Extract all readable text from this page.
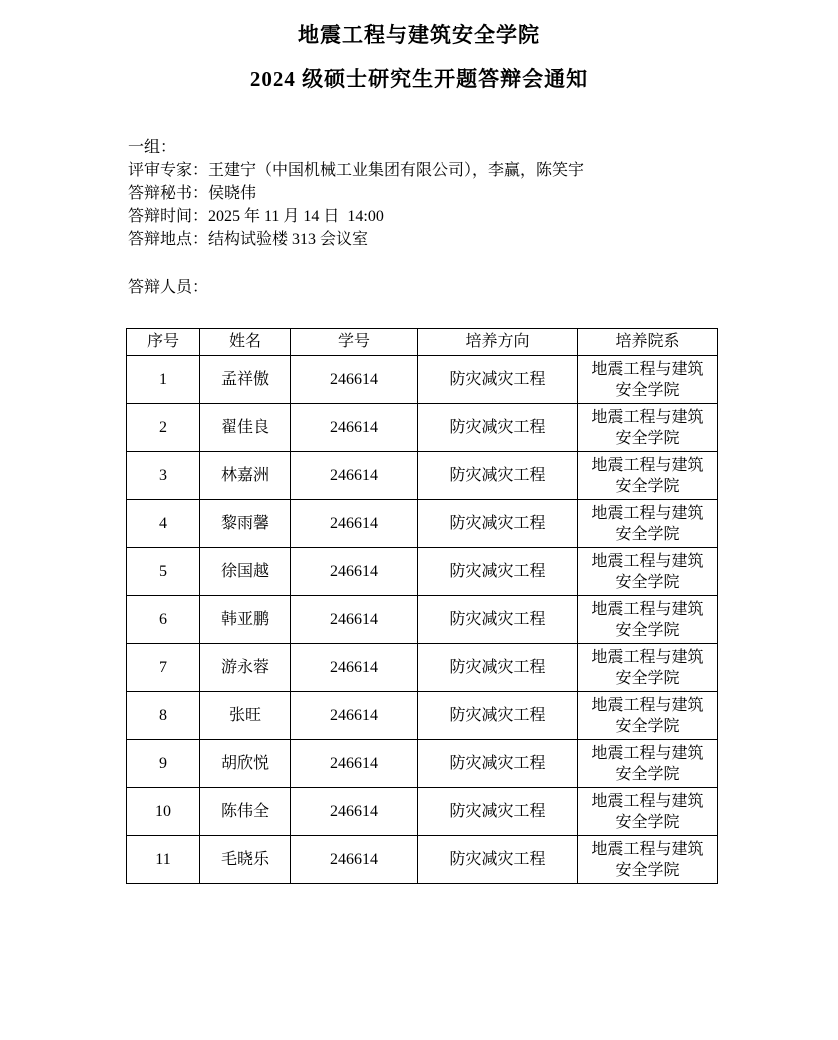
地震工程与建筑安全学院
2024 级硕士研究生开题答辩会通知
一组：
评审专家：王建宁（中国机械工业集团有限公司），李赢，陈笑宇
答辩秘书：侯晓伟
答辩时间：2025 年 11 月 14 日  14:00
答辩地点：结构试验楼 313 会议室
答辩人员：
序号	姓名	学号	培养方向	培养院系
1	孟祥傲	246614	防灾减灾工程	地震工程与建筑
安全学院

2	翟佳良	246614	防灾减灾工程	地震工程与建筑
安全学院

3	林嘉洲	246614	防灾减灾工程	地震工程与建筑
安全学院

4	黎雨馨	246614	防灾减灾工程	地震工程与建筑
安全学院

5	徐国越	246614	防灾减灾工程	地震工程与建筑
安全学院

6	韩亚鹏	246614	防灾减灾工程	地震工程与建筑
安全学院

7	游永蓉	246614	防灾减灾工程	地震工程与建筑
安全学院

8	张旺	246614	防灾减灾工程	地震工程与建筑
安全学院

9	胡欣悦	246614	防灾减灾工程	地震工程与建筑
安全学院

10	陈伟全	246614	防灾减灾工程	地震工程与建筑
安全学院

11	毛晓乐	246614	防灾减灾工程	地震工程与建筑
安全学院
